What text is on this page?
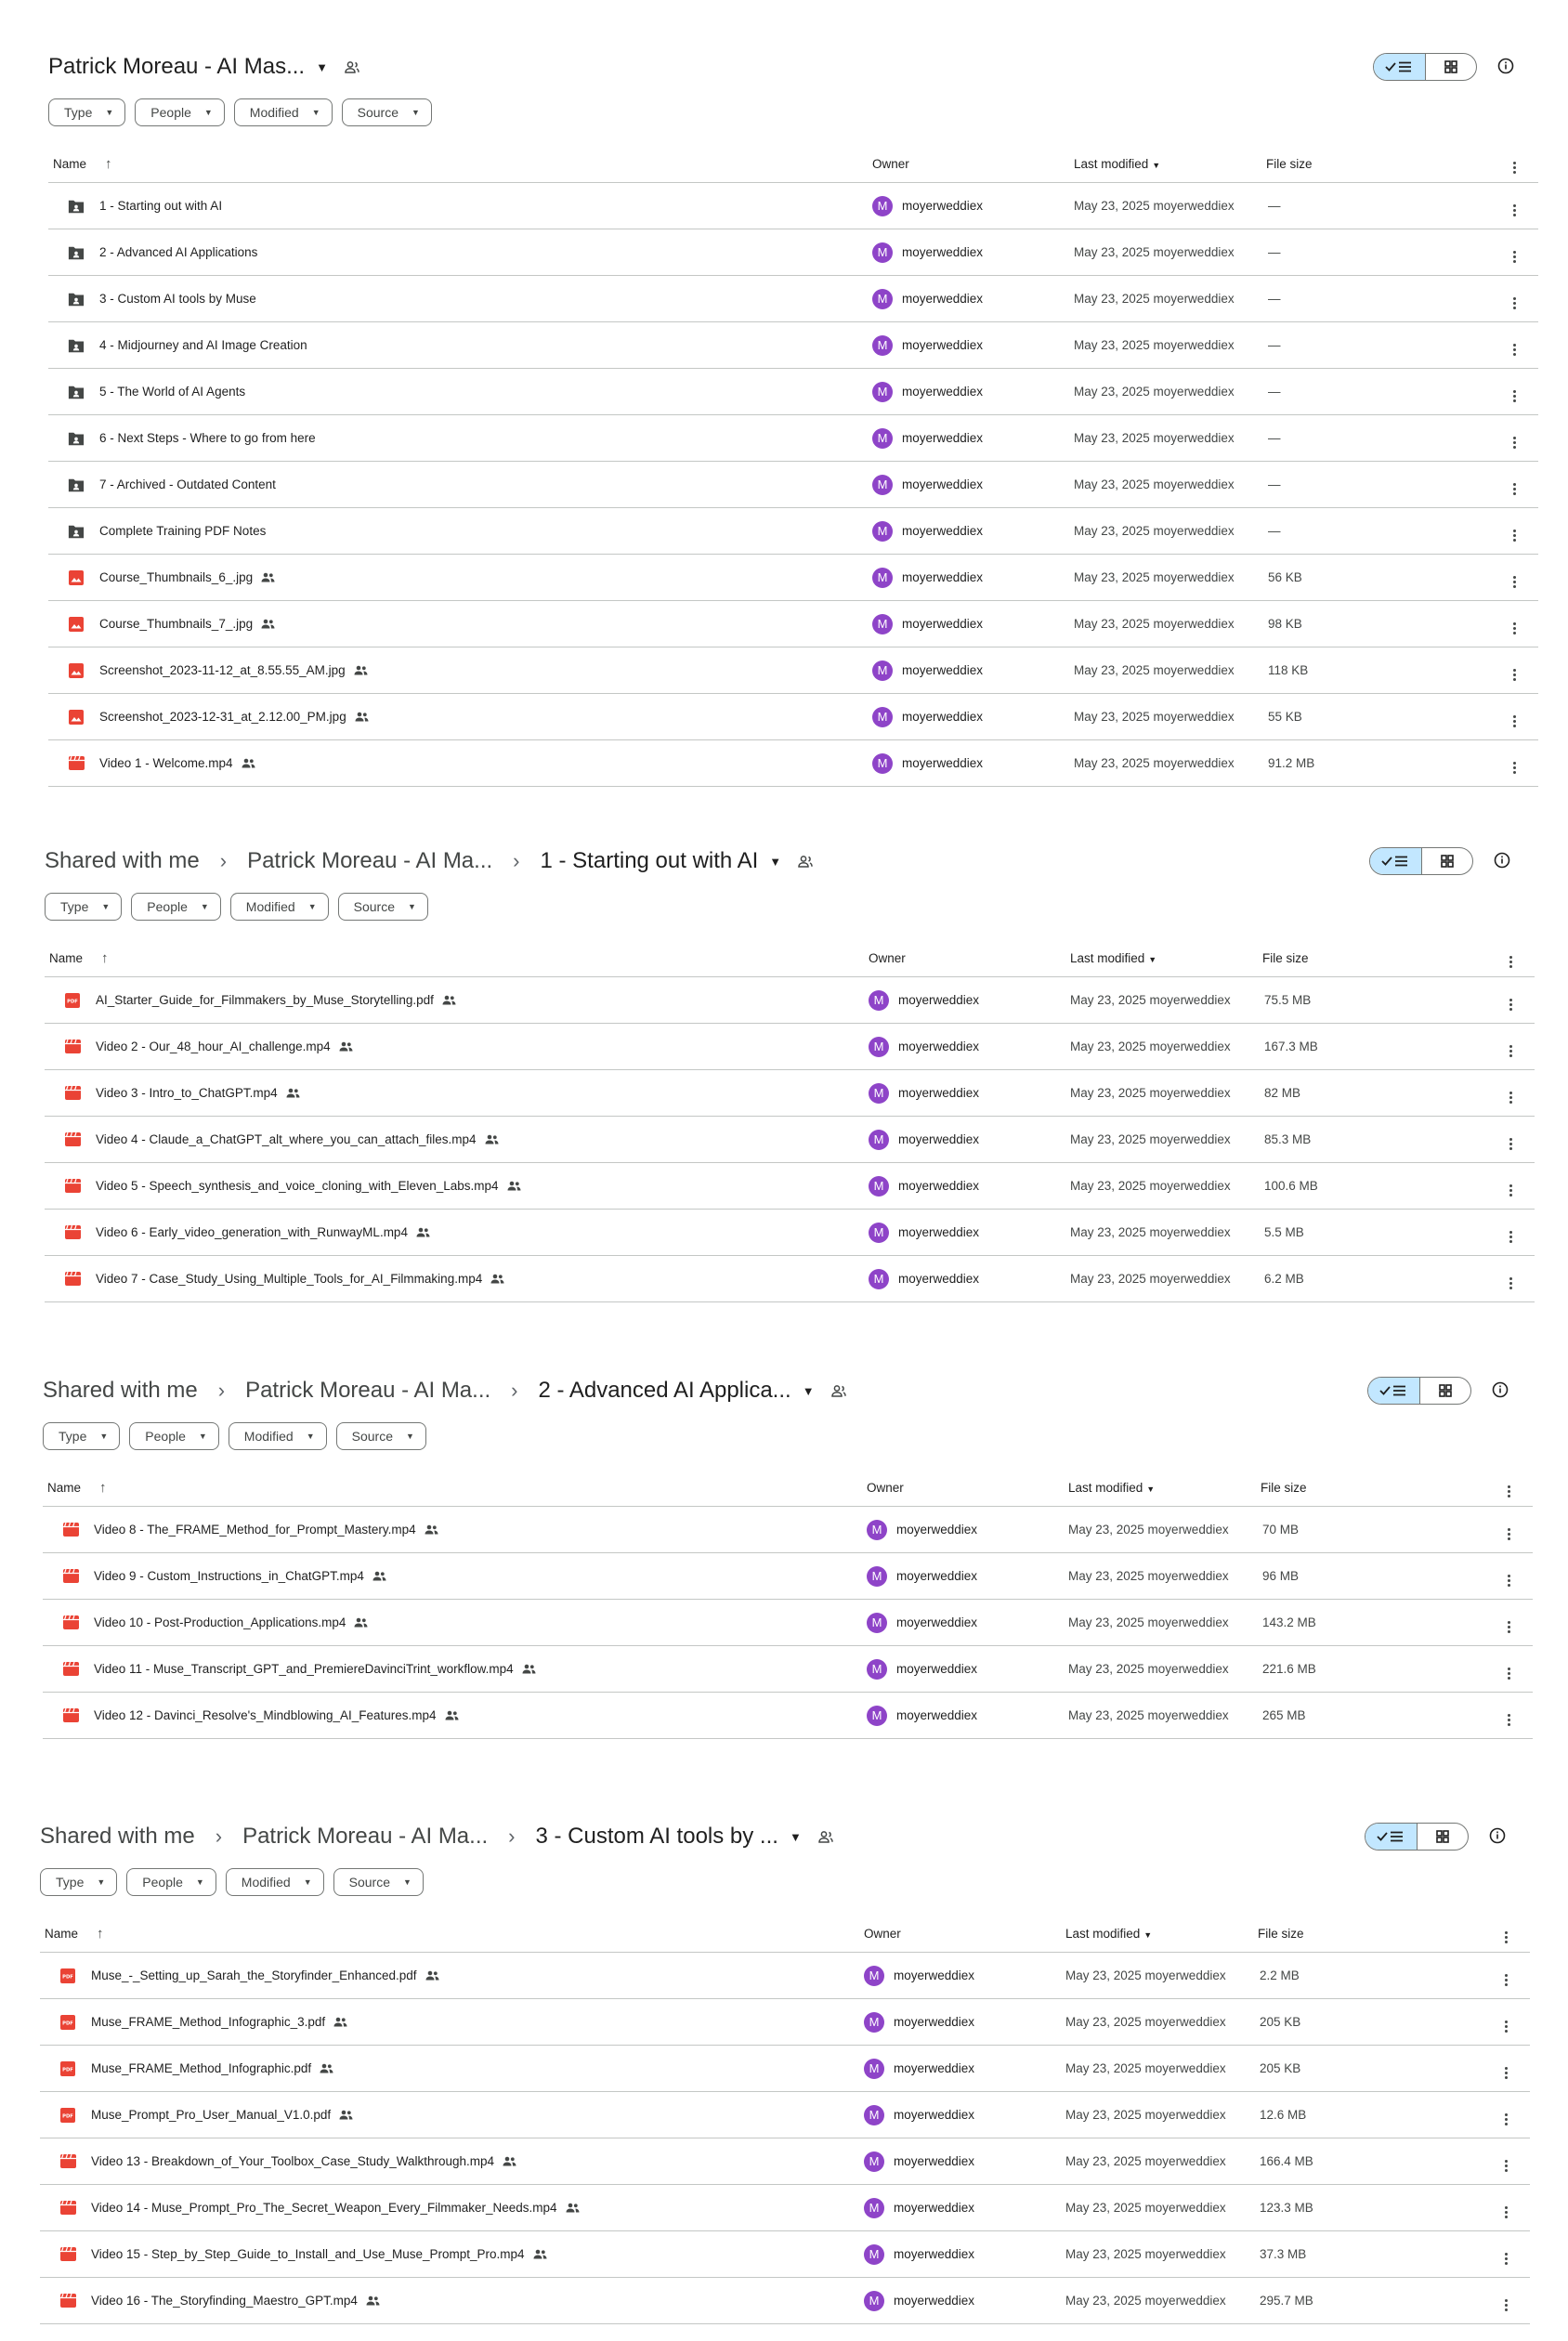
Patrick Moreau - AI Mas... ▼
Type ▼	People ▼	Modified ▼	Source ▼
Name ↑	Owner	Last modified ▼	File size	

1 - Starting out with AI	M moyerweddiex	May 23, 2025 moyerweddiex	—	

2 - Advanced AI Applications	M moyerweddiex	May 23, 2025 moyerweddiex	—	

3 - Custom AI tools by Muse	M moyerweddiex	May 23, 2025 moyerweddiex	—	

4 - Midjourney and AI Image Creation	M moyerweddiex	May 23, 2025 moyerweddiex	—	

5 - The World of AI Agents	M moyerweddiex	May 23, 2025 moyerweddiex	—	

6 - Next Steps - Where to go from here	M moyerweddiex	May 23, 2025 moyerweddiex	—	

7 - Archived - Outdated Content	M moyerweddiex	May 23, 2025 moyerweddiex	—	

Complete Training PDF Notes	M moyerweddiex	May 23, 2025 moyerweddiex	—	

Course_Thumbnails_6_.jpg	M moyerweddiex	May 23, 2025 moyerweddiex	56 KB	

Course_Thumbnails_7_.jpg	M moyerweddiex	May 23, 2025 moyerweddiex	98 KB	

Screenshot_2023-11-12_at_8.55.55_AM.jpg	M moyerweddiex	May 23, 2025 moyerweddiex	118 KB	

Screenshot_2023-12-31_at_2.12.00_PM.jpg	M moyerweddiex	May 23, 2025 moyerweddiex	55 KB	

Video 1 - Welcome.mp4	M moyerweddiex	May 23, 2025 moyerweddiex	91.2 MB	
Shared with me › Patrick Moreau - AI Ma... › 1 - Starting out with AI ▼
Type ▼	People ▼	Modified ▼	Source ▼
Name ↑	Owner	Last modified ▼	File size	

PDF AI_Starter_Guide_for_Filmmakers_by_Muse_Storytelling.pdf	M moyerweddiex	May 23, 2025 moyerweddiex	75.5 MB	

Video 2 - Our_48_hour_AI_challenge.mp4	M moyerweddiex	May 23, 2025 moyerweddiex	167.3 MB	

Video 3 - Intro_to_ChatGPT.mp4	M moyerweddiex	May 23, 2025 moyerweddiex	82 MB	

Video 4 - Claude_a_ChatGPT_alt_where_you_can_attach_files.mp4	M moyerweddiex	May 23, 2025 moyerweddiex	85.3 MB	

Video 5 - Speech_synthesis_and_voice_cloning_with_Eleven_Labs.mp4	M moyerweddiex	May 23, 2025 moyerweddiex	100.6 MB	

Video 6 - Early_video_generation_with_RunwayML.mp4	M moyerweddiex	May 23, 2025 moyerweddiex	5.5 MB	

Video 7 - Case_Study_Using_Multiple_Tools_for_AI_Filmmaking.mp4	M moyerweddiex	May 23, 2025 moyerweddiex	6.2 MB	
Shared with me › Patrick Moreau - AI Ma... › 2 - Advanced AI Applica... ▼
Type ▼	People ▼	Modified ▼	Source ▼
Name ↑	Owner	Last modified ▼	File size	

Video 8 - The_FRAME_Method_for_Prompt_Mastery.mp4	M moyerweddiex	May 23, 2025 moyerweddiex	70 MB	

Video 9 - Custom_Instructions_in_ChatGPT.mp4	M moyerweddiex	May 23, 2025 moyerweddiex	96 MB	

Video 10 - Post-Production_Applications.mp4	M moyerweddiex	May 23, 2025 moyerweddiex	143.2 MB	

Video 11 - Muse_Transcript_GPT_and_PremiereDavinciTrint_workflow.mp4	M moyerweddiex	May 23, 2025 moyerweddiex	221.6 MB	

Video 12 - Davinci_Resolve's_Mindblowing_AI_Features.mp4	M moyerweddiex	May 23, 2025 moyerweddiex	265 MB	
Shared with me › Patrick Moreau - AI Ma... › 3 - Custom AI tools by ... ▼
Type ▼	People ▼	Modified ▼	Source ▼
Name ↑	Owner	Last modified ▼	File size	

PDF Muse_-_Setting_up_Sarah_the_Storyfinder_Enhanced.pdf	M moyerweddiex	May 23, 2025 moyerweddiex	2.2 MB	

PDF Muse_FRAME_Method_Infographic_3.pdf	M moyerweddiex	May 23, 2025 moyerweddiex	205 KB	

PDF Muse_FRAME_Method_Infographic.pdf	M moyerweddiex	May 23, 2025 moyerweddiex	205 KB	

PDF Muse_Prompt_Pro_User_Manual_V1.0.pdf	M moyerweddiex	May 23, 2025 moyerweddiex	12.6 MB	

Video 13 - Breakdown_of_Your_Toolbox_Case_Study_Walkthrough.mp4	M moyerweddiex	May 23, 2025 moyerweddiex	166.4 MB	

Video 14 - Muse_Prompt_Pro_The_Secret_Weapon_Every_Filmmaker_Needs.mp4	M moyerweddiex	May 23, 2025 moyerweddiex	123.3 MB	

Video 15 - Step_by_Step_Guide_to_Install_and_Use_Muse_Prompt_Pro.mp4	M moyerweddiex	May 23, 2025 moyerweddiex	37.3 MB	

Video 16 - The_Storyfinding_Maestro_GPT.mp4	M moyerweddiex	May 23, 2025 moyerweddiex	295.7 MB	
